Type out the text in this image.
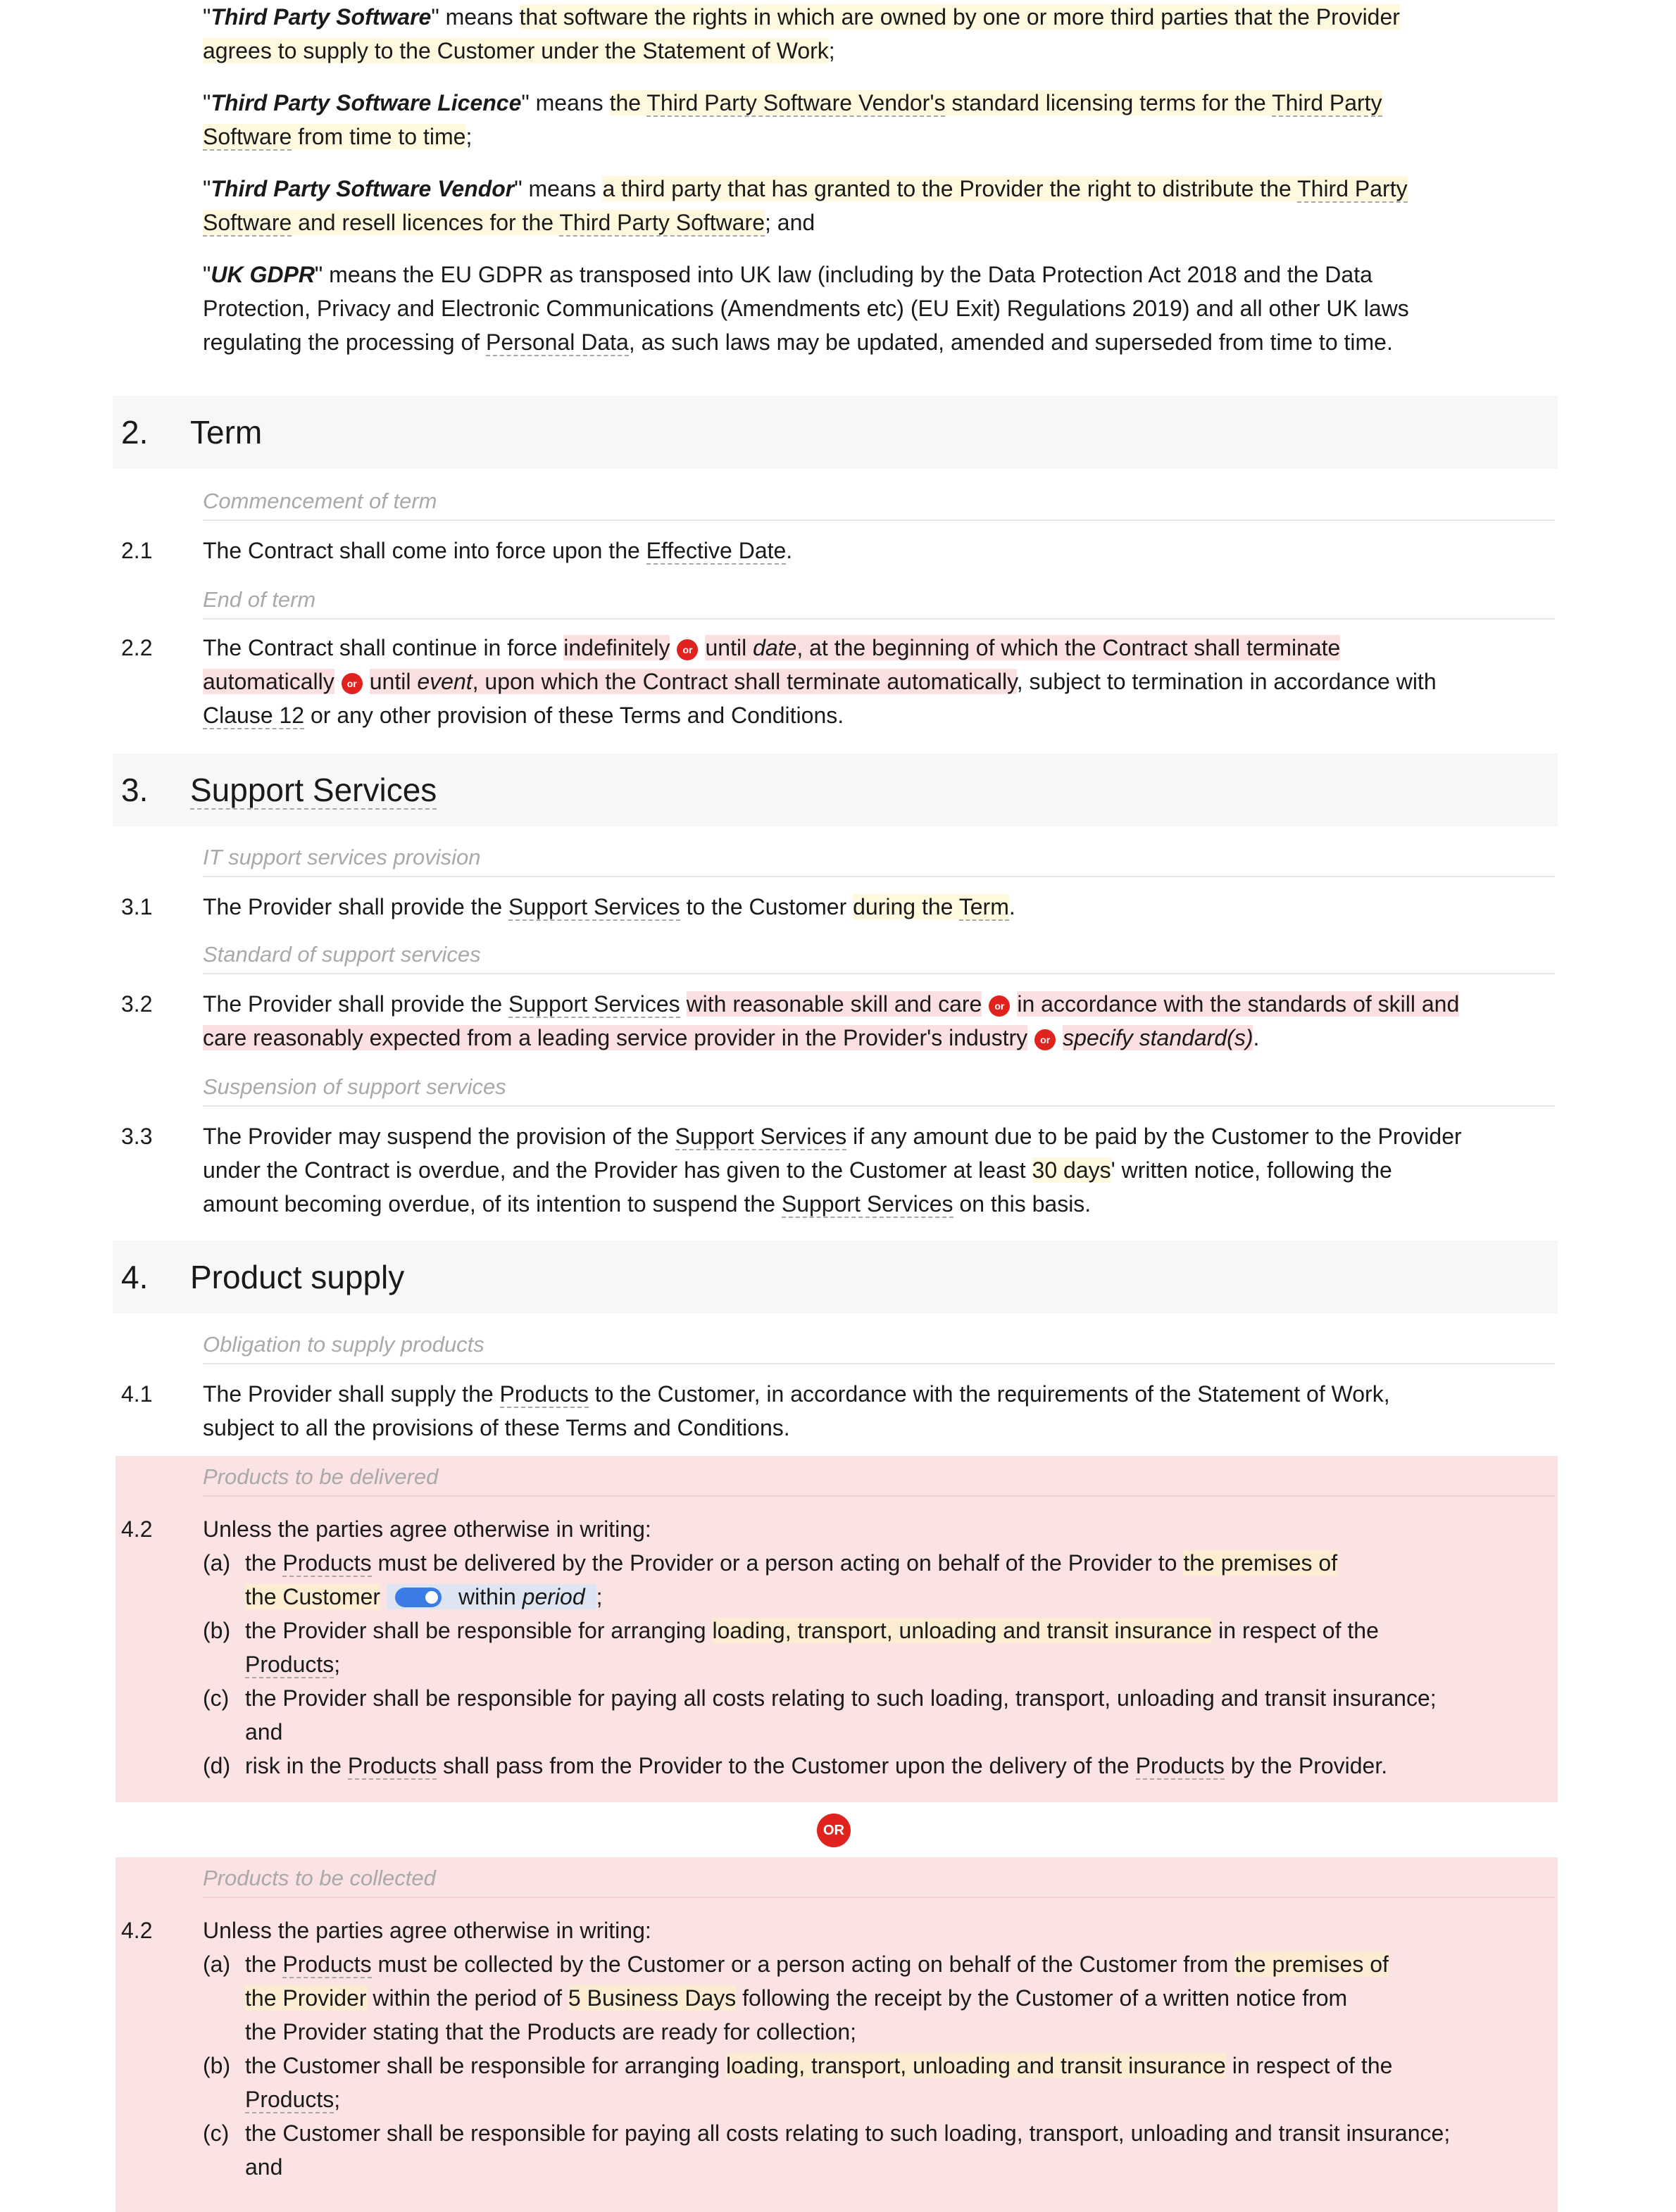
"Third Party Software" means that software the rights in which are owned by one or more third parties that the Provider
agrees to supply to the Customer under the Statement of Work;
"Third Party Software Licence" means the Third Party Software Vendor's standard licensing terms for the Third Party
Software from time to time;
"Third Party Software Vendor" means a third party that has granted to the Provider the right to distribute the Third Party
Software and resell licences for the Third Party Software; and
"UK GDPR" means the EU GDPR as transposed into UK law (including by the Data Protection Act 2018 and the Data
Protection, Privacy and Electronic Communications (Amendments etc) (EU Exit) Regulations 2019) and all other UK laws
regulating the processing of Personal Data, as such laws may be updated, amended and superseded from time to time.
2. Term
Commencement of term
2.1 The Contract shall come into force upon the Effective Date.
End of term
2.2 The Contract shall continue in force indefinitely or until date, at the beginning of which the Contract shall terminate
automatically or until event, upon which the Contract shall terminate automatically, subject to termination in accordance with
Clause 12 or any other provision of these Terms and Conditions.
3. Support Services
IT support services provision
3.1 The Provider shall provide the Support Services to the Customer during the Term.
Standard of support services
3.2 The Provider shall provide the Support Services with reasonable skill and care or in accordance with the standards of skill and
care reasonably expected from a leading service provider in the Provider's industry or specify standard(s).
Suspension of support services
3.3 The Provider may suspend the provision of the Support Services if any amount due to be paid by the Customer to the Provider
under the Contract is overdue, and the Provider has given to the Customer at least 30 days' written notice, following the
amount becoming overdue, of its intention to suspend the Support Services on this basis.
4. Product supply
Obligation to supply products
4.1 The Provider shall supply the Products to the Customer, in accordance with the requirements of the Statement of Work,
subject to all the provisions of these Terms and Conditions.
Products to be delivered
4.2 Unless the parties agree otherwise in writing:
(a) the Products must be delivered by the Provider or a person acting on behalf of the Provider to the premises of
the Customer	within period ;
(b) the Provider shall be responsible for arranging loading, transport, unloading and transit insurance in respect of the
Products;
(c) the Provider shall be responsible for paying all costs relating to such loading, transport, unloading and transit insurance;
and
(d) risk in the Products shall pass from the Provider to the Customer upon the delivery of the Products by the Provider.
OR
Products to be collected
4.2 Unless the parties agree otherwise in writing:
(a) the Products must be collected by the Customer or a person acting on behalf of the Customer from the premises of
the Provider within the period of 5 Business Days following the receipt by the Customer of a written notice from
the Provider stating that the Products are ready for collection;
(b) the Customer shall be responsible for arranging loading, transport, unloading and transit insurance in respect of the
Products;
(c) the Customer shall be responsible for paying all costs relating to such loading, transport, unloading and transit insurance;
and
